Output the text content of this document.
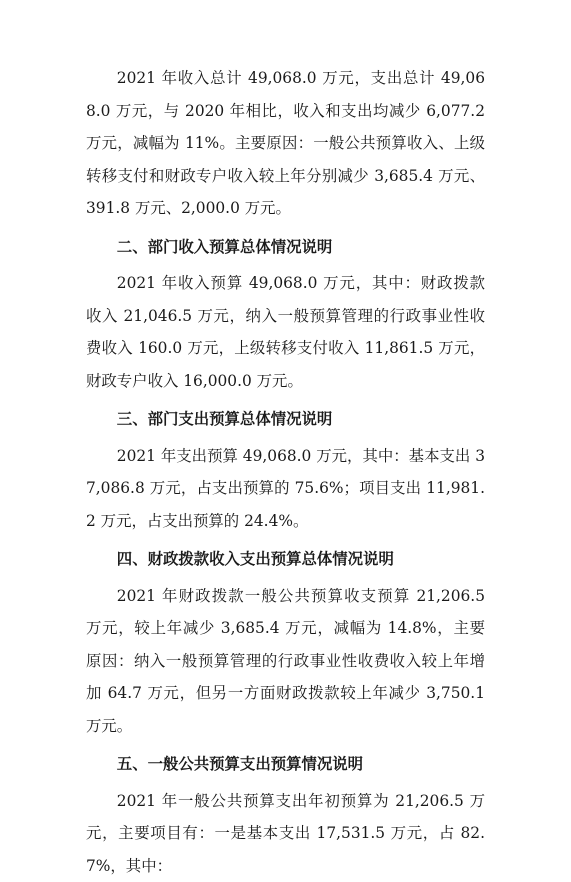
2021 年收入总计 49,068.0 万元，支出总计 49,068.0 万元，与 2020 年相比，收入和支出均减少 6,077.2 万元，减幅为 11%。主要原因：一般公共预算收入、上级转移支付和财政专户收入较上年分别减少 3,685.4 万元、391.8 万元、2,000.0 万元。

二、部门收入预算总体情况说明

2021 年收入预算 49,068.0 万元，其中：财政拨款收入 21,046.5 万元，纳入一般预算管理的行政事业性收费收入 160.0 万元，上级转移支付收入 11,861.5 万元，财政专户收入 16,000.0 万元。

三、部门支出预算总体情况说明

2021 年支出预算 49,068.0 万元，其中：基本支出 37,086.8 万元，占支出预算的 75.6%；项目支出 11,981.2 万元，占支出预算的 24.4%。

四、财政拨款收入支出预算总体情况说明

2021 年财政拨款一般公共预算收支预算 21,206.5 万元，较上年减少 3,685.4 万元，减幅为 14.8%，主要原因：纳入一般预算管理的行政事业性收费收入较上年增加 64.7 万元，但另一方面财政拨款较上年减少 3,750.1 万元。

五、一般公共预算支出预算情况说明

2021 年一般公共预算支出年初预算为 21,206.5 万元，主要项目有：一是基本支出 17,531.5 万元，占 82.7%，其中：
